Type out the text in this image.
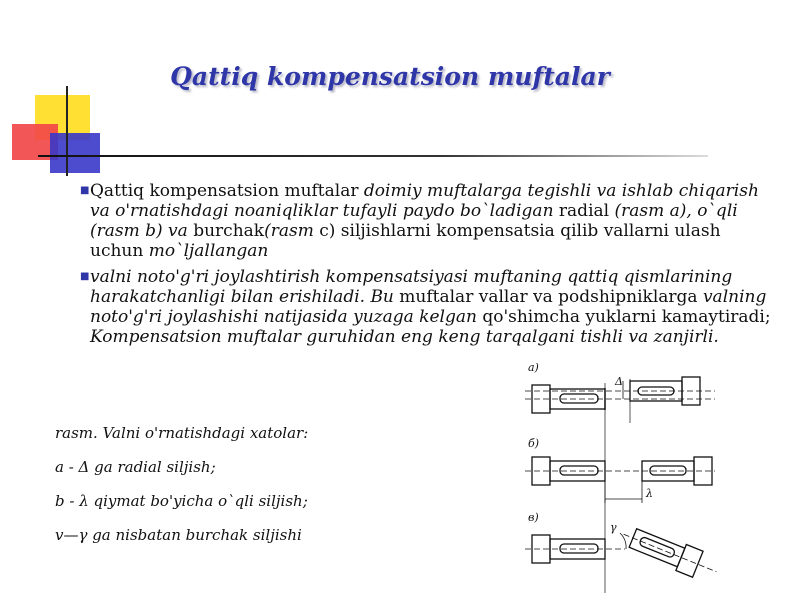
Qattiq kompensatsion muftalar
■ Qattiq kompensatsion muftalar doimiy muftalarga tegishli va ishlab chiqarish va o'rnatishdagi noaniqliklar tufayli paydo bo`ladigan radial (rasm a), o`qli (rasm b) va burchak(rasm c) siljishlarni kompensatsia qilib vallarni ulash uchun mo`ljallangan
■ valni noto'g'ri joylashtirish kompensatsiyasi muftaning qattiq qismlarining harakatchanligi bilan erishiladi. Bu muftalar vallar va podshipniklarga valning noto'g'ri joylashishi natijasida yuzaga kelgan qo'shimcha yuklarni kamaytiradi; Kompensatsion muftalar guruhidan eng keng tarqalgani tishli va zanjirli.
rasm. Valni o'rnatishdagi xatolar:
a - Δ ga radial siljish;
b - λ qiymat bo'yicha o`qli siljish;
v—γ ga nisbatan burchak siljishi
a)
б)
в)
Δ
λ
γ
